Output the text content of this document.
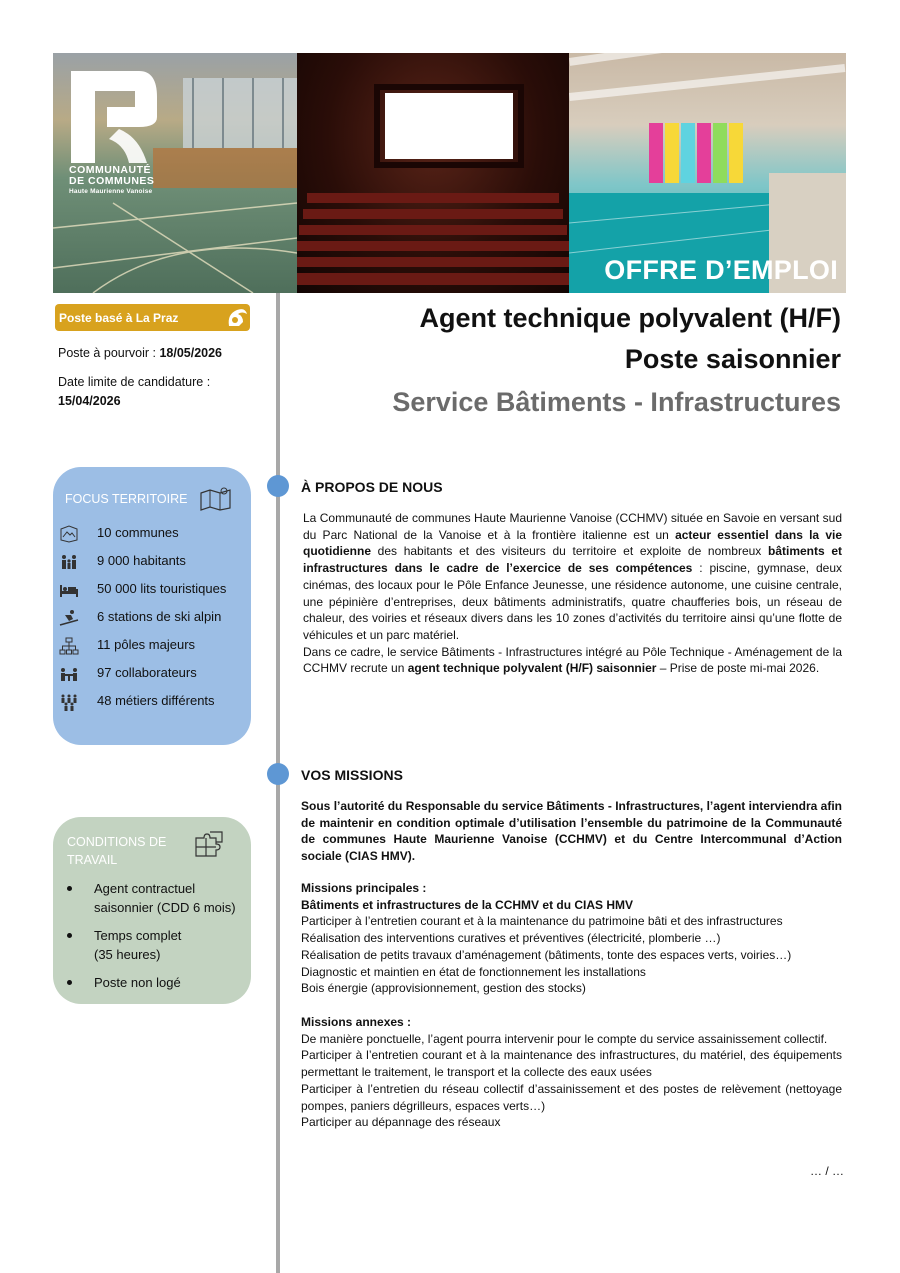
COMMUNAUTÉ
DE COMMUNES
Haute Maurienne Vanoise
OFFRE D’EMPLOI
Poste basé à La Praz
Poste à pourvoir : 18/05/2026
Date limite de candidature :
15/04/2026
FOCUS TERRITOIRE
10 communes
9 000 habitants
50 000 lits touristiques
6 stations de ski alpin
11 pôles majeurs
97 collaborateurs
48 métiers différents
CONDITIONS DE
TRAVAIL
Agent contractuel
saisonnier (CDD 6 mois)
Temps complet
(35 heures)
Poste non logé
Agent technique polyvalent (H/F)
Poste saisonnier
Service Bâtiments - Infrastructures
À PROPOS DE NOUS

La Communauté de communes Haute Maurienne Vanoise (CCHMV) située en Savoie en versant sud du Parc National de la Vanoise et à la frontière italienne est un acteur essentiel dans la vie quotidienne des habitants et des visiteurs du territoire et exploite de nombreux bâtiments et infrastructures dans le cadre de l’exercice de ses compétences : piscine, gymnase, deux cinémas, des locaux pour le Pôle Enfance Jeunesse, une résidence autonome, une cuisine centrale, une pépinière d’entreprises, deux bâtiments administratifs, quatre chaufferies bois, un réseau de chaleur, des voiries et réseaux divers dans les 10 zones d’activités du territoire ainsi qu’une flotte de véhicules et un parc matériel.

Dans ce cadre, le service Bâtiments - Infrastructures intégré au Pôle Technique - Aménagement de la CCHMV recrute un agent technique polyvalent (H/F) saisonnier – Prise de poste mi-mai 2026.

VOS MISSIONS
Sous l’autorité du Responsable du service Bâtiments - Infrastructures, l’agent interviendra afin de maintenir en condition optimale d’utilisation l’ensemble du patrimoine de la Communauté de communes Haute Maurienne Vanoise (CCHMV) et du Centre Intercommunal d’Action sociale (CIAS HMV).
Missions principales :
Bâtiments et infrastructures de la CCHMV et du CIAS HMV
Participer à l’entretien courant et à la maintenance du patrimoine bâti et des infrastructures
Réalisation des interventions curatives et préventives (électricité, plomberie …)
Réalisation de petits travaux d’aménagement (bâtiments, tonte des espaces verts, voiries…)
Diagnostic et maintien en état de fonctionnement les installations
Bois énergie (approvisionnement, gestion des stocks)
Missions annexes :
De manière ponctuelle, l’agent pourra intervenir pour le compte du service assainissement collectif.
Participer à l’entretien courant et à la maintenance des infrastructures, du matériel, des équipements permettant le traitement, le transport et la collecte des eaux usées
Participer à l’entretien du réseau collectif d’assainissement et des postes de relèvement (nettoyage pompes, paniers dégrilleurs, espaces verts…)
Participer au dépannage des réseaux
… / …
